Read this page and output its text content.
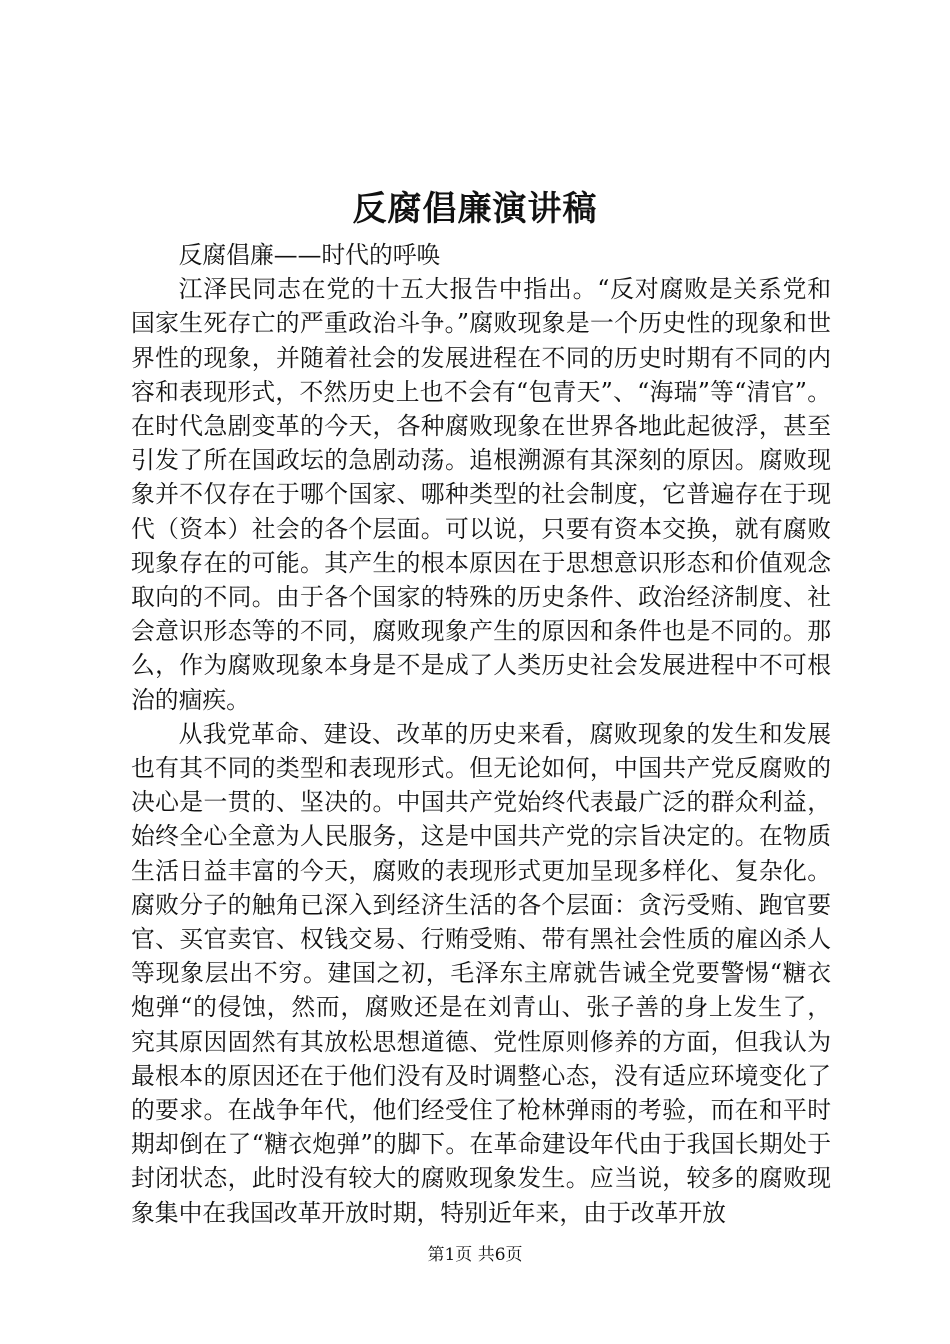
反腐倡廉演讲稿

反腐倡廉——时代的呼唤

江泽民同志在党的十五大报告中指出。“反对腐败是关系党和国家生死存亡的严重政治斗争。”腐败现象是一个历史性的现象和世界性的现象，并随着社会的发展进程在不同的历史时期有不同的内容和表现形式，不然历史上也不会有“包青天”、“海瑞”等“清官”。在时代急剧变革的今天，各种腐败现象在世界各地此起彼浮，甚至引发了所在国政坛的急剧动荡。追根溯源有其深刻的原因。腐败现象并不仅存在于哪个国家、哪种类型的社会制度，它普遍存在于现代（资本）社会的各个层面。可以说，只要有资本交换，就有腐败现象存在的可能。其产生的根本原因在于思想意识形态和价值观念取向的不同。由于各个国家的特殊的历史条件、政治经济制度、社会意识形态等的不同，腐败现象产生的原因和条件也是不同的。那么，作为腐败现象本身是不是成了人类历史社会发展进程中不可根治的痼疾。

从我党革命、建设、改革的历史来看，腐败现象的发生和发展也有其不同的类型和表现形式。但无论如何，中国共产党反腐败的决心是一贯的、坚决的。中国共产党始终代表最广泛的群众利益，始终全心全意为人民服务，这是中国共产党的宗旨决定的。在物质生活日益丰富的今天，腐败的表现形式更加呈现多样化、复杂化。腐败分子的触角已深入到经济生活的各个层面：贪污受贿、跑官要官、买官卖官、权钱交易、行贿受贿、带有黑社会性质的雇凶杀人等现象层出不穷。建国之初，毛泽东主席就告诫全党要警惕“糖衣炮弹“的侵蚀，然而，腐败还是在刘青山、张子善的身上发生了，究其原因固然有其放松思想道德、党性原则修养的方面，但我认为最根本的原因还在于他们没有及时调整心态，没有适应环境变化了的要求。在战争年代，他们经受住了枪林弹雨的考验，而在和平时期却倒在了“糖衣炮弹”的脚下。在革命建设年代由于我国长期处于封闭状态，此时没有较大的腐败现象发生。应当说，较多的腐败现象集中在我国改革开放时期，特别近年来，由于改革开放

第1页 共6页
